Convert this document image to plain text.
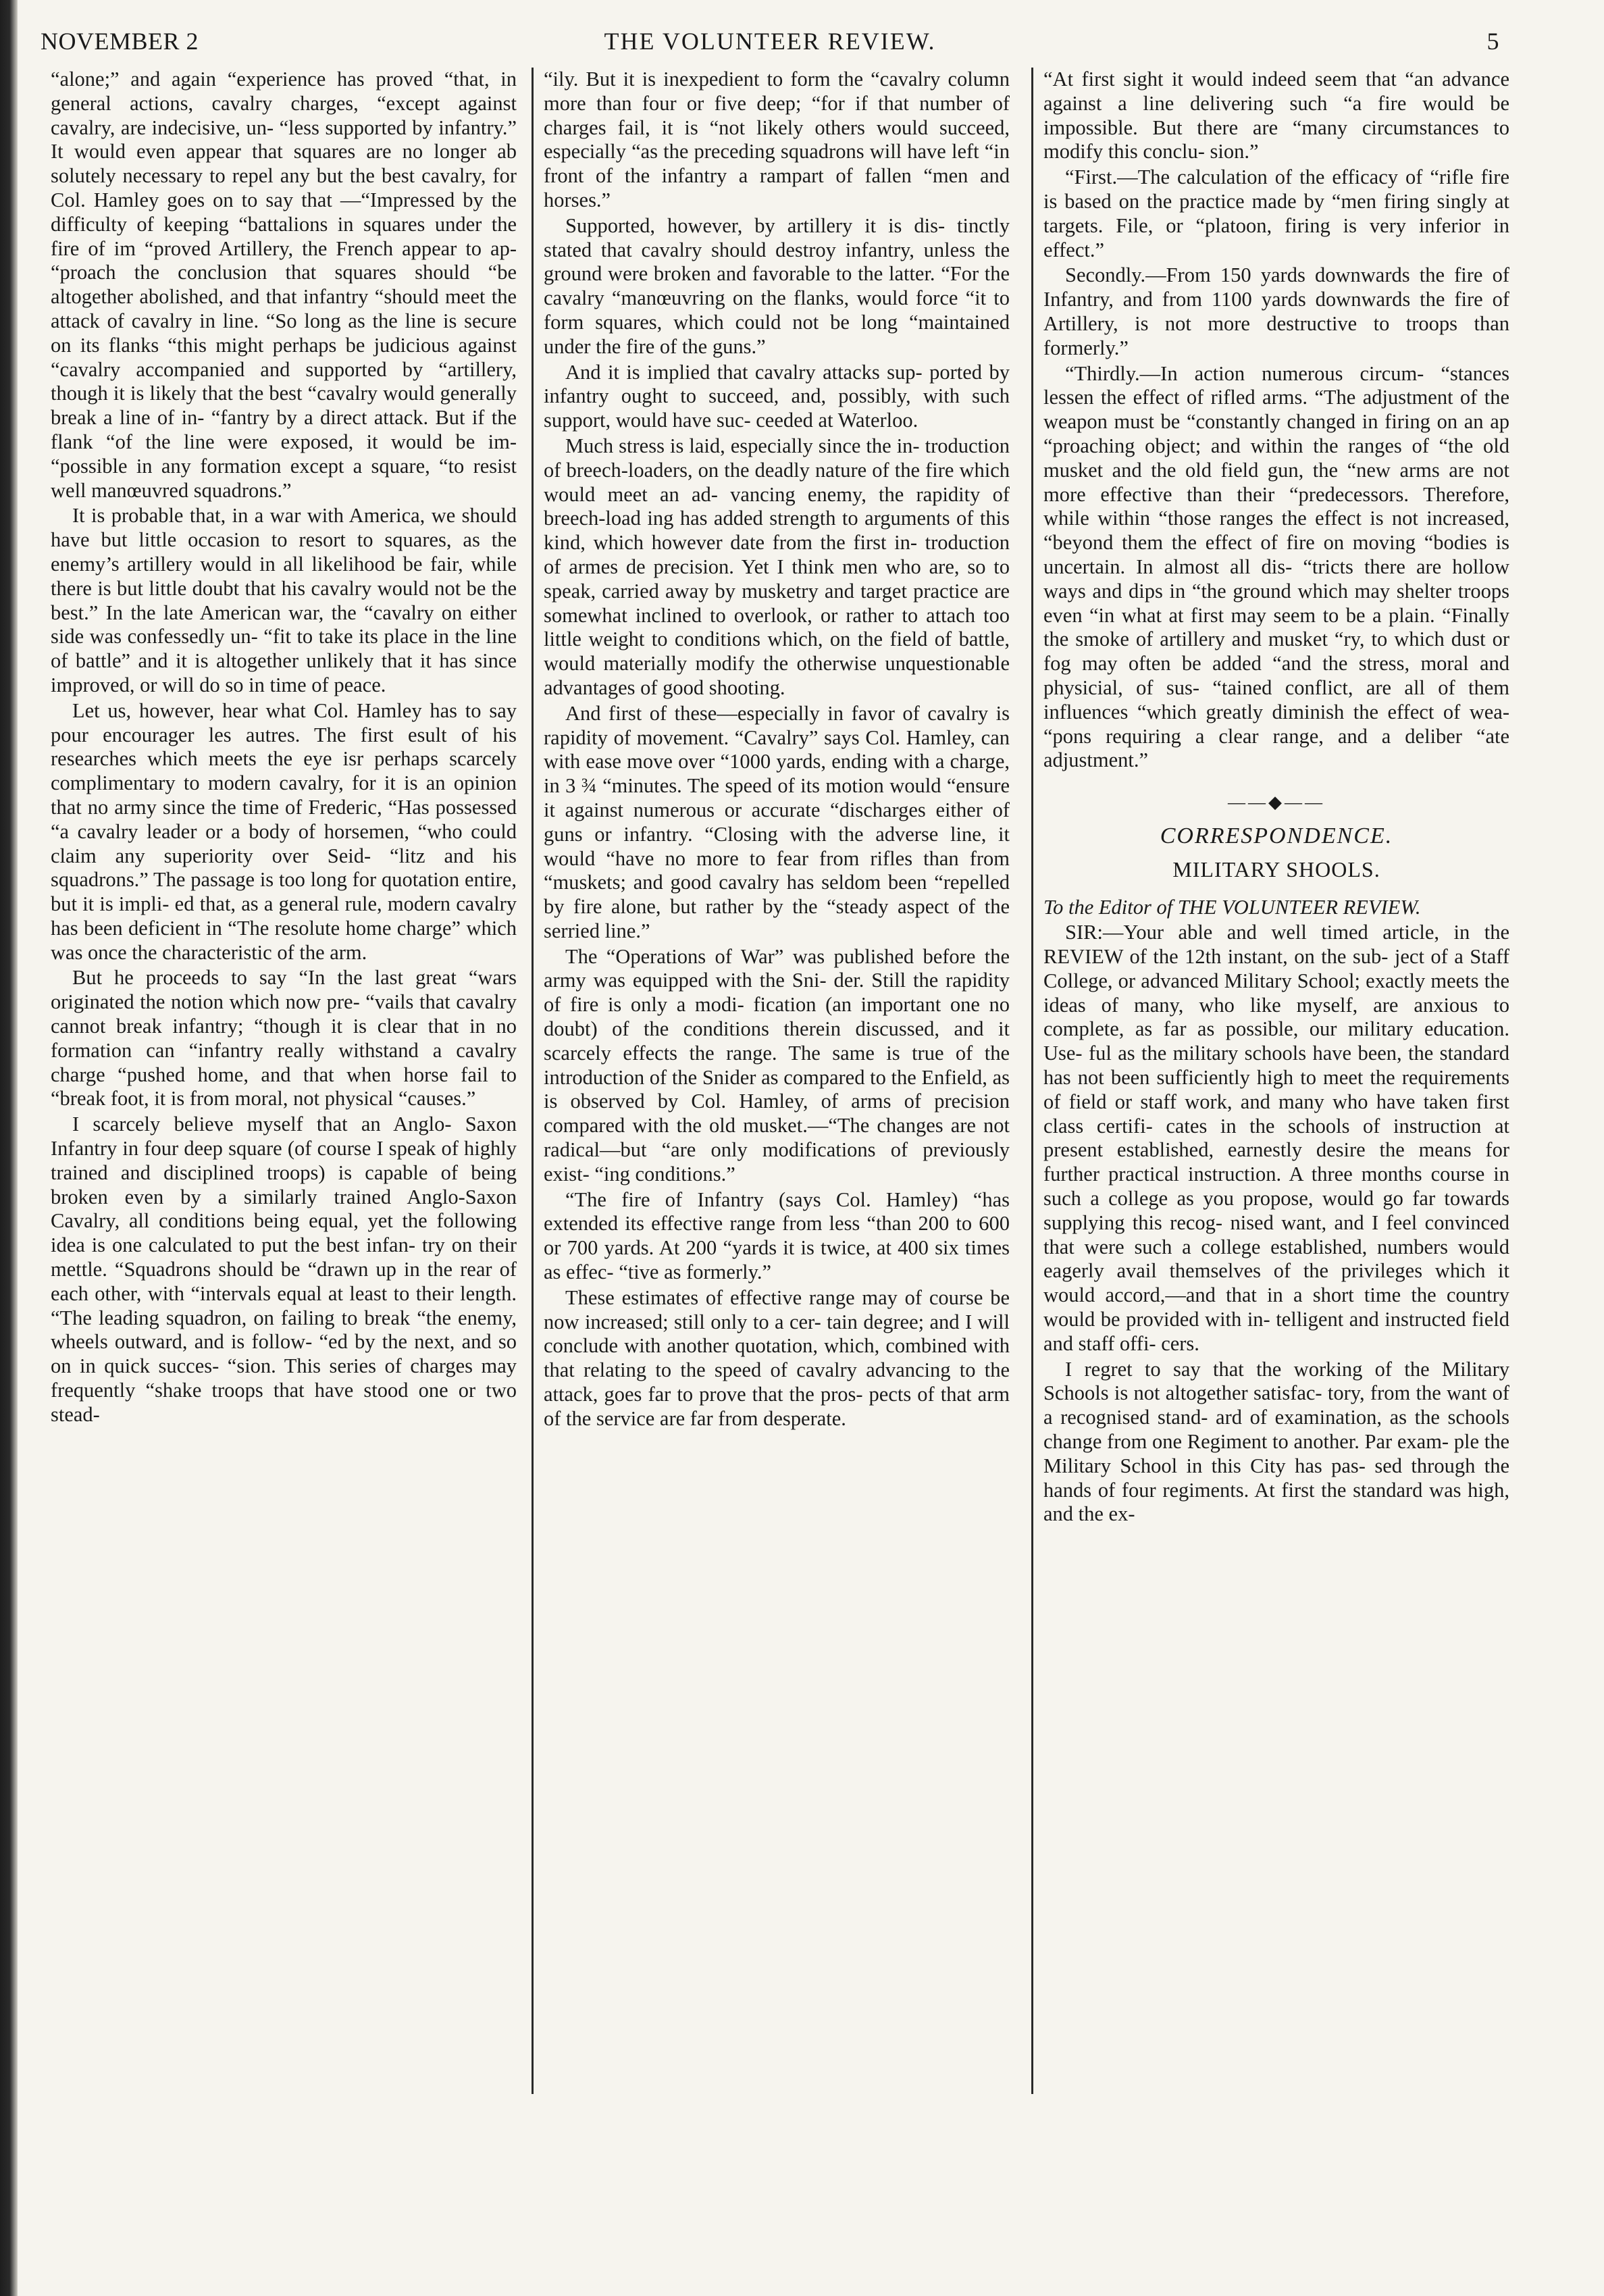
NOVEMBER 2	THE VOLUNTEER REVIEW.	5

“alone;” and again “experience has proved “that, in general actions, cavalry charges, “except against cavalry, are indecisive, un- “less supported by infantry.” It would even appear that squares are no longer ab solutely necessary to repel any but the best cavalry, for Col. Hamley goes on to say that —“Impressed by the difficulty of keeping “battalions in squares under the fire of im “proved Artillery, the French appear to ap- “proach the conclusion that squares should “be altogether abolished, and that infantry “should meet the attack of cavalry in line. “So long as the line is secure on its flanks “this might perhaps be judicious against “cavalry accompanied and supported by “artillery, though it is likely that the best “cavalry would generally break a line of in- “fantry by a direct attack. But if the flank “of the line were exposed, it would be im- “possible in any formation except a square, “to resist well manœuvred squadrons.”

It is probable that, in a war with America, we should have but little occasion to resort to squares, as the enemy’s artillery would in all likelihood be fair, while there is but little doubt that his cavalry would not be the best.” In the late American war, the “cavalry on either side was confessedly un- “fit to take its place in the line of battle” and it is altogether unlikely that it has since improved, or will do so in time of peace.

Let us, however, hear what Col. Hamley has to say pour encourager les autres. The first esult of his researches which meets the eye isr perhaps scarcely complimentary to modern cavalry, for it is an opinion that no army since the time of Frederic, “Has possessed “a cavalry leader or a body of horsemen, “who could claim any superiority over Seid- “litz and his squadrons.” The passage is too long for quotation entire, but it is impli- ed that, as a general rule, modern cavalry has been deficient in “The resolute home charge” which was once the characteristic of the arm.

But he proceeds to say “In the last great “wars originated the notion which now pre- “vails that cavalry cannot break infantry; “though it is clear that in no formation can “infantry really withstand a cavalry charge “pushed home, and that when horse fail to “break foot, it is from moral, not physical “causes.”

I scarcely believe myself that an Anglo- Saxon Infantry in four deep square (of course I speak of highly trained and disciplined troops) is capable of being broken even by a similarly trained Anglo-Saxon Cavalry, all conditions being equal, yet the following idea is one calculated to put the best infan- try on their mettle. “Squadrons should be “drawn up in the rear of each other, with “intervals equal at least to their length. “The leading squadron, on failing to break “the enemy, wheels outward, and is follow- “ed by the next, and so on in quick succes- “sion. This series of charges may frequently “shake troops that have stood one or two stead-

“ily. But it is inexpedient to form the “cavalry column more than four or five deep; “for if that number of charges fail, it is “not likely others would succeed, especially “as the preceding squadrons will have left “in front of the infantry a rampart of fallen “men and horses.”

Supported, however, by artillery it is dis- tinctly stated that cavalry should destroy infantry, unless the ground were broken and favorable to the latter. “For the cavalry “manœuvring on the flanks, would force “it to form squares, which could not be long “maintained under the fire of the guns.”

And it is implied that cavalry attacks sup- ported by infantry ought to succeed, and, possibly, with such support, would have suc- ceeded at Waterloo.

Much stress is laid, especially since the in- troduction of breech-loaders, on the deadly nature of the fire which would meet an ad- vancing enemy, the rapidity of breech-load ing has added strength to arguments of this kind, which however date from the first in- troduction of armes de precision. Yet I think men who are, so to speak, carried away by musketry and target practice are somewhat inclined to overlook, or rather to attach too little weight to conditions which, on the field of battle, would materially modify the otherwise unquestionable advantages of good shooting.

And first of these—especially in favor of cavalry is rapidity of movement. “Cavalry” says Col. Hamley, can with ease move over “1000 yards, ending with a charge, in 3 ¾ “minutes. The speed of its motion would “ensure it against numerous or accurate “discharges either of guns or infantry. “Closing with the adverse line, it would “have no more to fear from rifles than from “muskets; and good cavalry has seldom been “repelled by fire alone, but rather by the “steady aspect of the serried line.”

The “Operations of War” was published before the army was equipped with the Sni- der. Still the rapidity of fire is only a modi- fication (an important one no doubt) of the conditions therein discussed, and it scarcely effects the range. The same is true of the introduction of the Snider as compared to the Enfield, as is observed by Col. Hamley, of arms of precision compared with the old musket.—“The changes are not radical—but “are only modifications of previously exist- “ing conditions.”

“The fire of Infantry (says Col. Hamley) “has extended its effective range from less “than 200 to 600 or 700 yards. At 200 “yards it is twice, at 400 six times as effec- “tive as formerly.”

These estimates of effective range may of course be now increased; still only to a cer- tain degree; and I will conclude with another quotation, which, combined with that relating to the speed of cavalry advancing to the attack, goes far to prove that the pros- pects of that arm of the service are far from desperate.

“At first sight it would indeed seem that “an advance against a line delivering such “a fire would be impossible. But there are “many circumstances to modify this conclu- sion.”

“First.—The calculation of the efficacy of “rifle fire is based on the practice made by “men firing singly at targets. File, or “platoon, firing is very inferior in effect.”

Secondly.—From 150 yards downwards the fire of Infantry, and from 1100 yards downwards the fire of Artillery, is not more destructive to troops than formerly.”

“Thirdly.—In action numerous circum- “stances lessen the effect of rifled arms. “The adjustment of the weapon must be “constantly changed in firing on an ap “proaching object; and within the ranges of “the old musket and the old field gun, the “new arms are not more effective than their “predecessors. Therefore, while within “those ranges the effect is not increased, “beyond them the effect of fire on moving “bodies is uncertain. In almost all dis- “tricts there are hollow ways and dips in “the ground which may shelter troops even “in what at first may seem to be a plain. “Finally the smoke of artillery and musket “ry, to which dust or fog may often be added “and the stress, moral and physicial, of sus- “tained conflict, are all of them influences “which greatly diminish the effect of wea- “pons requiring a clear range, and a deliber “ate adjustment.”

——◆——
CORRESPONDENCE.
MILITARY SHOOLS.

To the Editor of THE VOLUNTEER REVIEW.

SIR:—Your able and well timed article, in the REVIEW of the 12th instant, on the sub- ject of a Staff College, or advanced Military School; exactly meets the ideas of many, who like myself, are anxious to complete, as far as possible, our military education. Use- ful as the military schools have been, the standard has not been sufficiently high to meet the requirements of field or staff work, and many who have taken first class certifi- cates in the schools of instruction at present established, earnestly desire the means for further practical instruction. A three months course in such a college as you propose, would go far towards supplying this recog- nised want, and I feel convinced that were such a college established, numbers would eagerly avail themselves of the privileges which it would accord,—and that in a short time the country would be provided with in- telligent and instructed field and staff offi- cers.

I regret to say that the working of the Military Schools is not altogether satisfac- tory, from the want of a recognised stand- ard of examination, as the schools change from one Regiment to another. Par exam- ple the Military School in this City has pas- sed through the hands of four regiments. At first the standard was high, and the ex-
